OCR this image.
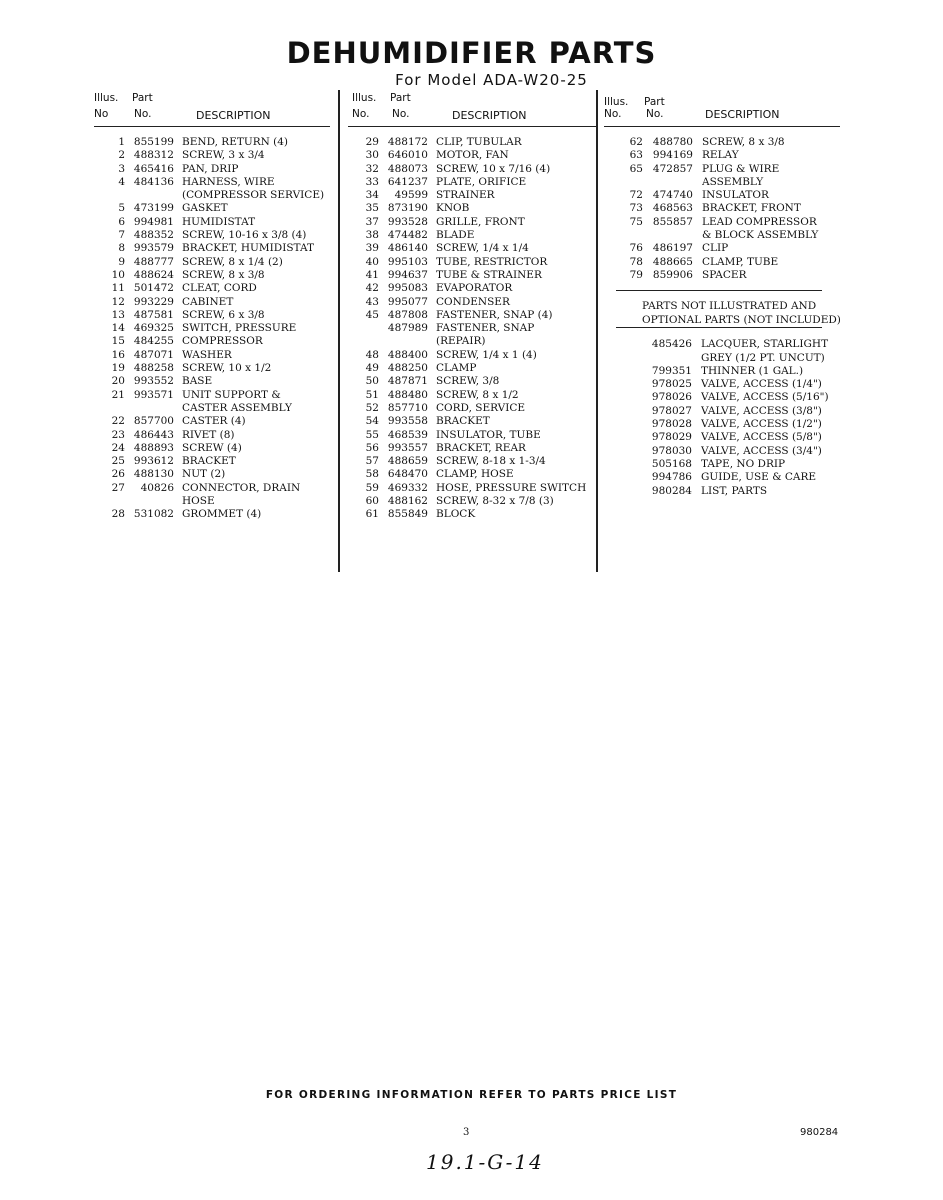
DEHUMIDIFIER PARTS
For Model ADA-W20-25
Illus. Part
No No.	DESCRIPTION
1 855199 BEND, RETURN (4)
2 488312 SCREW, 3 x 3/4
3 465416 PAN, DRIP
4 484136 HARNESS, WIRE
(COMPRESSOR SERVICE)
5 473199 GASKET
6 994981 HUMIDISTAT
7 488352 SCREW, 10-16 x 3/8 (4)
8 993579 BRACKET, HUMIDISTAT
9 488777 SCREW, 8 x 1/4 (2)
10 488624 SCREW, 8 x 3/8
11 501472 CLEAT, CORD
12 993229 CABINET
13 487581 SCREW, 6 x 3/8
14 469325 SWITCH, PRESSURE
15 484255 COMPRESSOR
16 487071 WASHER
19 488258 SCREW, 10 x 1/2
20 993552 BASE
21 993571 UNIT SUPPORT &
CASTER ASSEMBLY
22 857700 CASTER (4)
23 486443 RIVET (8)
24 488893 SCREW (4)
25 993612 BRACKET
26 488130 NUT (2)
27	40826 CONNECTOR, DRAIN
HOSE
28 531082 GROMMET (4)
Illus. Part
No. No.	DESCRIPTION
29 488172 CLIP, TUBULAR
30 646010 MOTOR, FAN
32 488073 SCREW, 10 x 7/16 (4)
33 641237 PLATE, ORIFICE
34	49599 STRAINER
35 873190 KNOB
37 993528 GRILLE, FRONT
38 474482 BLADE
39 486140 SCREW, 1/4 x 1/4
40 995103 TUBE, RESTRICTOR
41 994637 TUBE & STRAINER
42 995083 EVAPORATOR
43 995077 CONDENSER
45 487808 FASTENER, SNAP (4)
487989 FASTENER, SNAP
(REPAIR)
48 488400 SCREW, 1/4 x 1 (4)
49 488250 CLAMP
50 487871 SCREW, 3/8
51 488480 SCREW, 8 x 1/2
52 857710 CORD, SERVICE
54 993558 BRACKET
55 468539 INSULATOR, TUBE
56 993557 BRACKET, REAR
57 488659 SCREW, 8-18 x 1-3/4
58 648470 CLAMP, HOSE
59 469332 HOSE, PRESSURE SWITCH
60 488162 SCREW, 8-32 x 7/8 (3)
61 855849 BLOCK
Illus. Part
No. No.	DESCRIPTION
62 488780 SCREW, 8 x 3/8
63 994169 RELAY
65 472857 PLUG & WIRE
ASSEMBLY
72 474740 INSULATOR
73 468563 BRACKET, FRONT
75 855857 LEAD COMPRESSOR
& BLOCK ASSEMBLY
76 486197 CLIP
78 488665 CLAMP, TUBE
79 859906 SPACER
PARTS NOT ILLUSTRATED AND
OPTIONAL PARTS (NOT INCLUDED)
485426 LACQUER, STARLIGHT
GREY (1/2 PT. UNCUT)
799351 THINNER (1 GAL.)
978025 VALVE, ACCESS (1/4")
978026 VALVE, ACCESS (5/16")
978027 VALVE, ACCESS (3/8")
978028 VALVE, ACCESS (1/2")
978029 VALVE, ACCESS (5/8")
978030 VALVE, ACCESS (3/4")
505168 TAPE, NO DRIP
994786 GUIDE, USE & CARE
980284 LIST, PARTS
FOR ORDERING INFORMATION REFER TO PARTS PRICE LIST
3	980284
19.1-G-14
